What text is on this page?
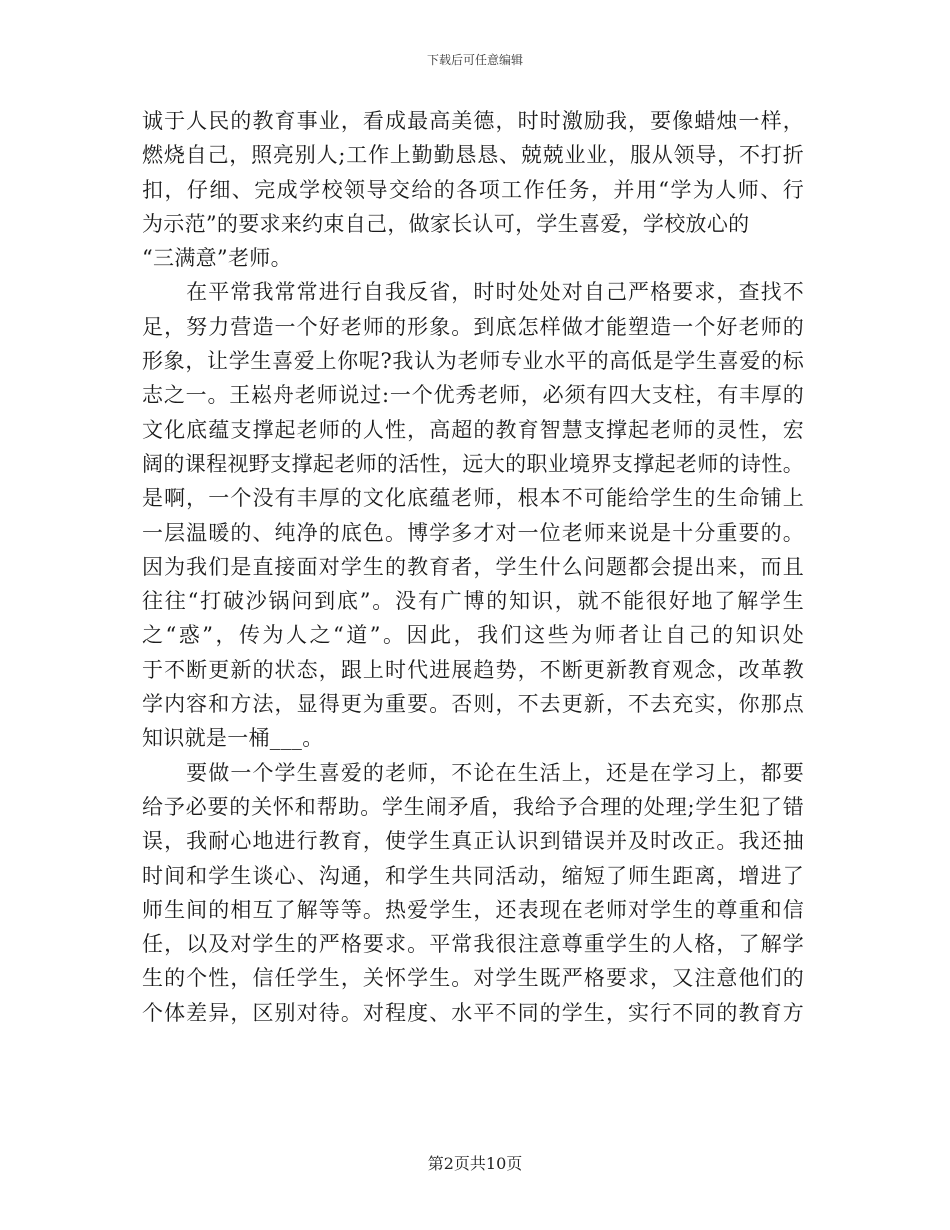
下载后可任意编辑
诚于人民的教育事业，看成最高美德，时时激励我，要像蜡烛一样，
燃烧自己，照亮别人;工作上勤勤恳恳、兢兢业业，服从领导，不打折
扣，仔细、完成学校领导交给的各项工作任务，并用“学为人师、行
为示范”的要求来约束自己，做家长认可，学生喜爱，学校放心的
“三满意”老师。
　　在平常我常常进行自我反省，时时处处对自己严格要求，查找不
足，努力营造一个好老师的形象。到底怎样做才能塑造一个好老师的
形象，让学生喜爱上你呢?我认为老师专业水平的高低是学生喜爱的标
志之一。王崧舟老师说过:一个优秀老师，必须有四大支柱，有丰厚的
文化底蕴支撑起老师的人性，高超的教育智慧支撑起老师的灵性，宏
阔的课程视野支撑起老师的活性，远大的职业境界支撑起老师的诗性。
是啊，一个没有丰厚的文化底蕴老师，根本不可能给学生的生命铺上
一层温暖的、纯净的底色。博学多才对一位老师来说是十分重要的。
因为我们是直接面对学生的教育者，学生什么问题都会提出来，而且
往往“打破沙锅问到底”。没有广博的知识，就不能很好地了解学生
之“惑”，传为人之“道”。因此，我们这些为师者让自己的知识处
于不断更新的状态，跟上时代进展趋势，不断更新教育观念，改革教
学内容和方法，显得更为重要。否则，不去更新，不去充实，你那点
知识就是一桶___。
　　要做一个学生喜爱的老师，不论在生活上，还是在学习上，都要
给予必要的关怀和帮助。学生闹矛盾，我给予合理的处理;学生犯了错
误，我耐心地进行教育，使学生真正认识到错误并及时改正。我还抽
时间和学生谈心、沟通，和学生共同活动，缩短了师生距离，增进了
师生间的相互了解等等。热爱学生，还表现在老师对学生的尊重和信
任，以及对学生的严格要求。平常我很注意尊重学生的人格，了解学
生的个性，信任学生，关怀学生。对学生既严格要求，又注意他们的
个体差异，区别对待。对程度、水平不同的学生，实行不同的教育方
第2页共10页
